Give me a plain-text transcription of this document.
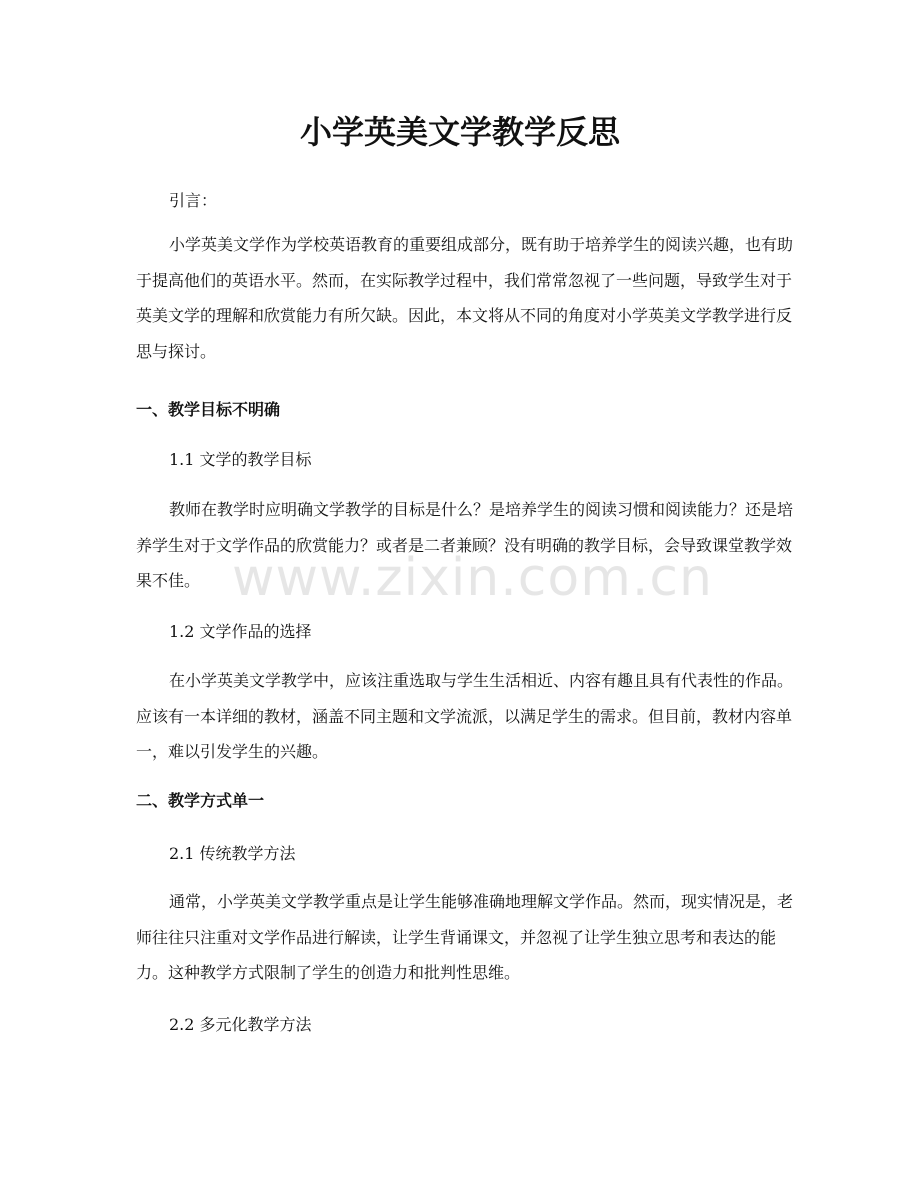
小学英美文学教学反思

引言：

小学英美文学作为学校英语教育的重要组成部分，既有助于培养学生的阅读兴趣，也有助于提高他们的英语水平。然而，在实际教学过程中，我们常常忽视了一些问题，导致学生对于英美文学的理解和欣赏能力有所欠缺。因此，本文将从不同的角度对小学英美文学教学进行反思与探讨。

一、教学目标不明确

1.1 文学的教学目标

教师在教学时应明确文学教学的目标是什么？是培养学生的阅读习惯和阅读能力？还是培养学生对于文学作品的欣赏能力？或者是二者兼顾？没有明确的教学目标，会导致课堂教学效果不佳。

1.2 文学作品的选择

在小学英美文学教学中，应该注重选取与学生生活相近、内容有趣且具有代表性的作品。应该有一本详细的教材，涵盖不同主题和文学流派，以满足学生的需求。但目前，教材内容单一，难以引发学生的兴趣。

二、教学方式单一

2.1 传统教学方法

通常，小学英美文学教学重点是让学生能够准确地理解文学作品。然而，现实情况是，老师往往只注重对文学作品进行解读，让学生背诵课文，并忽视了让学生独立思考和表达的能力。这种教学方式限制了学生的创造力和批判性思维。

2.2 多元化教学方法

www.zixin.com.cn
